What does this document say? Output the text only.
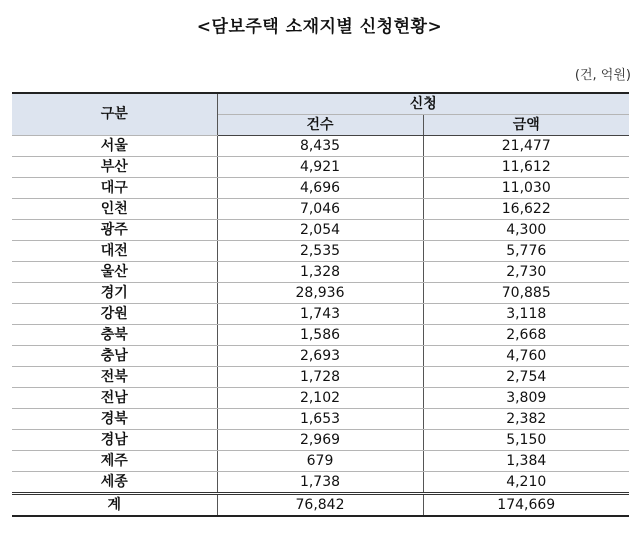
<담보주택 소재지별 신청현황>
(건, 억원)
구분	신청	
	건수	금액
서울	8,435	21,477
부산	4,921	11,612
대구	4,696	11,030
인천	7,046	16,622
광주	2,054	4,300
대전	2,535	5,776
울산	1,328	2,730
경기	28,936	70,885
강원	1,743	3,118
충북	1,586	2,668
충남	2,693	4,760
전북	1,728	2,754
전남	2,102	3,809
경북	1,653	2,382
경남	2,969	5,150
제주	679	1,384
세종	1,738	4,210
계	76,842	174,669
